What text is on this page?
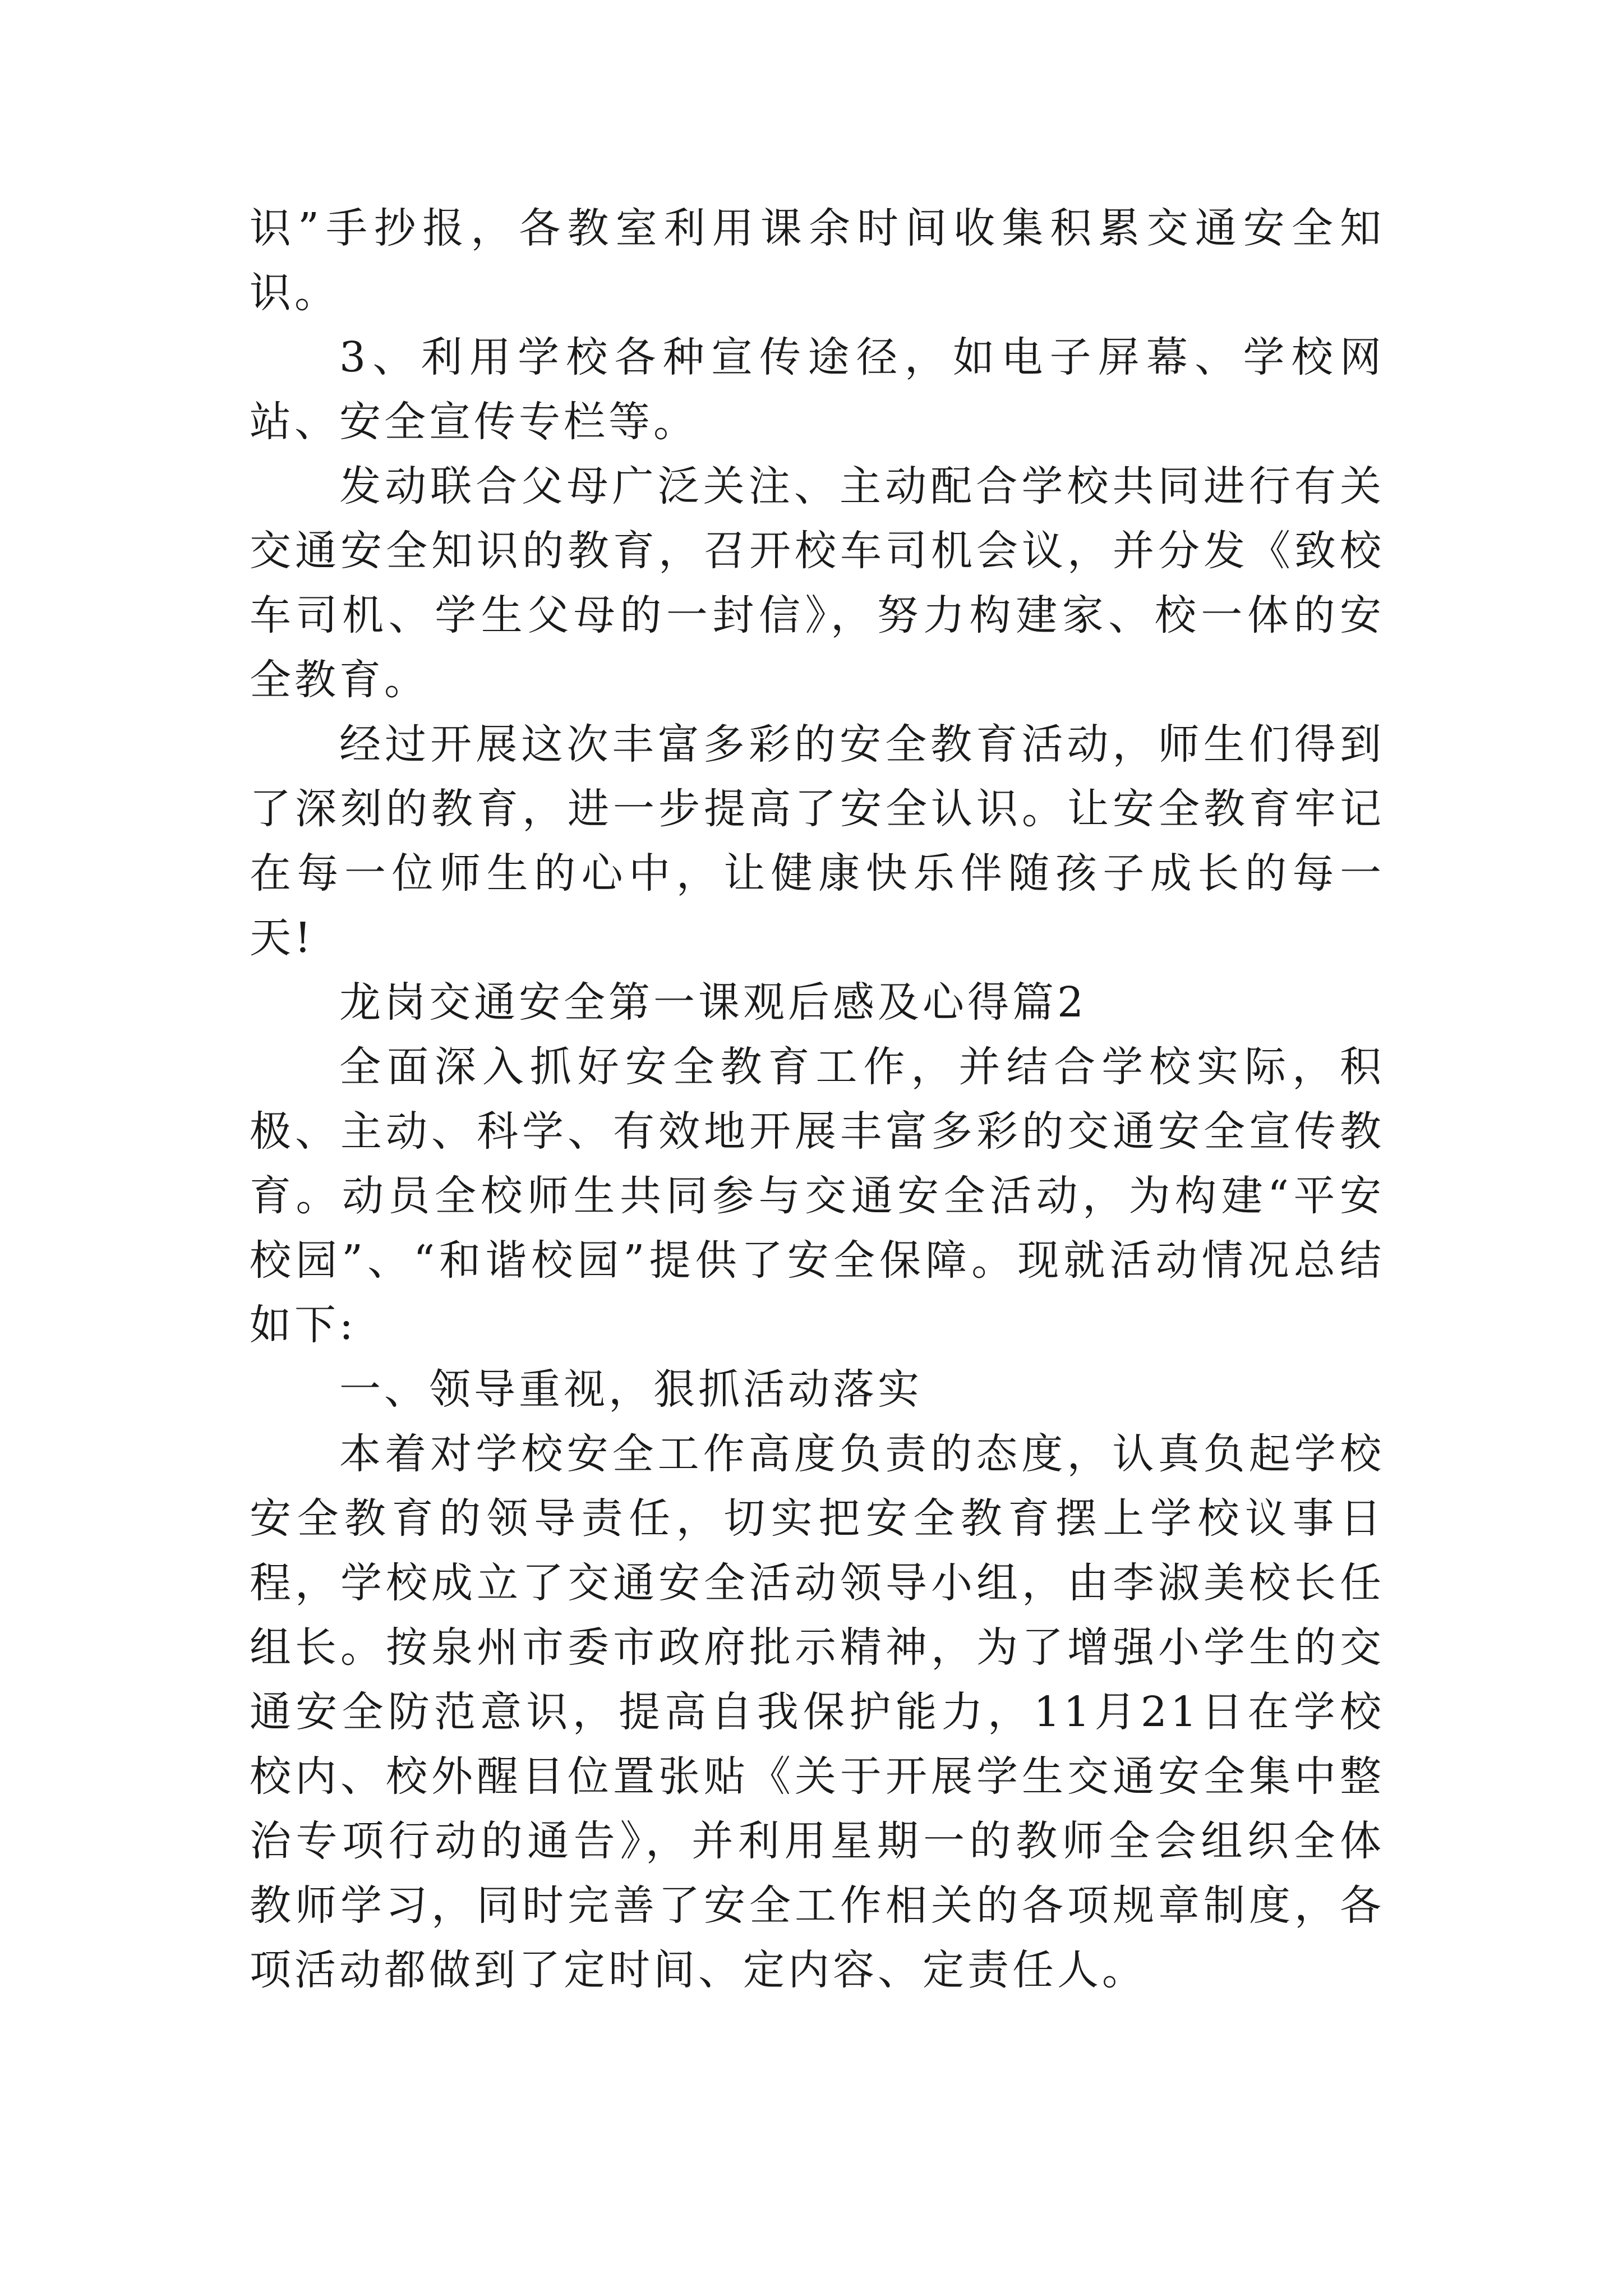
识”手抄报，各教室利用课余时间收集积累交通安全知识。

3、利用学校各种宣传途径，如电子屏幕、学校网站、安全宣传专栏等。

发动联合父母广泛关注、主动配合学校共同进行有关交通安全知识的教育，召开校车司机会议，并分发《致校车司机、学生父母的一封信》，努力构建家、校一体的安全教育。

经过开展这次丰富多彩的安全教育活动，师生们得到了深刻的教育，进一步提高了安全认识。让安全教育牢记在每一位师生的心中，让健康快乐伴随孩子成长的每一天!

龙岗交通安全第一课观后感及心得篇2

全面深入抓好安全教育工作，并结合学校实际，积极、主动、科学、有效地开展丰富多彩的交通安全宣传教育。动员全校师生共同参与交通安全活动，为构建“平安校园”、“和谐校园”提供了安全保障。现就活动情况总结如下:

一、领导重视，狠抓活动落实

本着对学校安全工作高度负责的态度，认真负起学校安全教育的领导责任，切实把安全教育摆上学校议事日程，学校成立了交通安全活动领导小组，由李淑美校长任组长。按泉州市委市政府批示精神，为了增强小学生的交通安全防范意识，提高自我保护能力，11月21日在学校校内、校外醒目位置张贴《关于开展学生交通安全集中整治专项行动的通告》，并利用星期一的教师全会组织全体教师学习，同时完善了安全工作相关的各项规章制度，各项活动都做到了定时间、定内容、定责任人。
